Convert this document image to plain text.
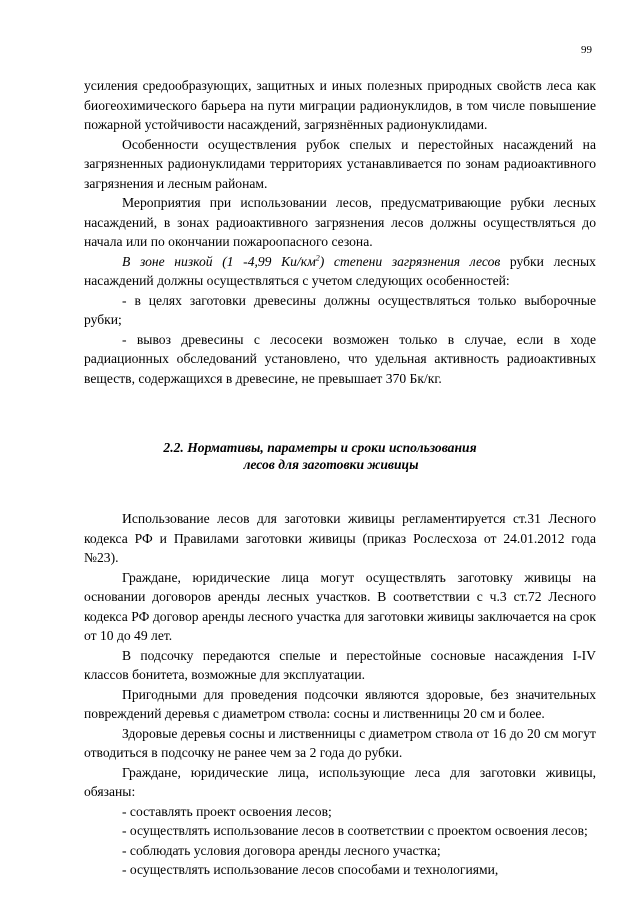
99

усиления средообразующих, защитных и иных полезных природных свойств леса как биогеохимического барьера на пути миграции радионуклидов, в том числе повышение пожарной устойчивости насаждений, загрязнённых радионуклидами.

Особенности осуществления рубок спелых и перестойных насаждений на загрязненных радионуклидами территориях устанавливается по зонам радиоактивного загрязнения и лесным районам.

Мероприятия при использовании лесов, предусматривающие рубки лесных насаждений, в зонах радиоактивного загрязнения лесов должны осуществляться до начала или по окончании пожароопасного сезона.

В зоне низкой (1 -4,99 $Ки/км^2$) степени загрязнения лесов рубки лесных насаждений должны осуществляться с учетом следующих особенностей:

- в целях заготовки древесины должны осуществляться только выборочные рубки;

- вывоз древесины с лесосеки возможен только в случае, если в ходе радиационных обследований установлено, что удельная активность радиоактивных веществ, содержащихся в древесине, не превышает 370 Бк/кг.

2.2. Нормативы, параметры и сроки использования
лесов для заготовки живицы

Использование лесов для заготовки живицы регламентируется ст.31 Лесного кодекса РФ и Правилами заготовки живицы (приказ Рослесхоза от 24.01.2012 года №23).

Граждане, юридические лица могут осуществлять заготовку живицы на основании договоров аренды лесных участков. В соответствии с ч.3 ст.72 Лесного кодекса РФ договор аренды лесного участка для заготовки живицы заключается на срок от 10 до 49 лет.

В подсочку передаются спелые и перестойные сосновые насаждения I-IV классов бонитета, возможные для эксплуатации.

Пригодными для проведения подсочки являются здоровые, без значительных повреждений деревья с диаметром ствола: сосны и лиственницы 20 см и более.

Здоровые деревья сосны и лиственницы с диаметром ствола от 16 до 20 см могут отводиться в подсочку не ранее чем за 2 года до рубки.

Граждане, юридические лица, использующие леса для заготовки живицы, обязаны:

- составлять проект освоения лесов;

- осуществлять использование лесов в соответствии с проектом освоения лесов;

- соблюдать условия договора аренды лесного участка;

- осуществлять использование лесов способами и технологиями,
